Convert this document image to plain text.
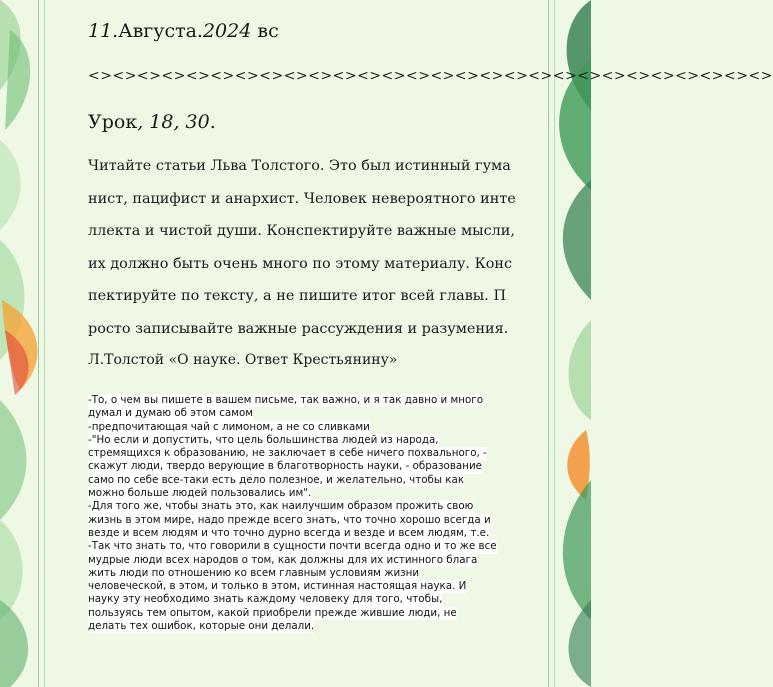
11.Августа.2024 вс
<><><><><><><><><><><><><><><><><><><><><><><><><><><><>
Урок, 18, 30.
Читайте статьи Льва Толстого. Это был истинный гума
нист, пацифист и анархист. Человек невероятного инте
ллекта и чистой души. Конспектируйте важные мысли,
их должно быть очень много по этому материалу. Конс
пектируйте по тексту, а не пишите итог всей главы. П
росто записывайте важные рассуждения и разумения.
Л.Толстой «О науке. Ответ Крестьянину»
-То, о чем вы пишете в вашем письме, так важно, и я так давно и много
думал и думаю об этом самом
-предпочитающая чай с лимоном, а не со сливками
-"Но если и допустить, что цель большинства людей из народа,
стремящихся к образованию, не заключает в себе ничего похвального, -
скажут люди, твердо верующие в благотворность науки, - образование
само по себе все-таки есть дело полезное, и желательно, чтобы как
можно больше людей пользовались им".
-Для того же, чтобы знать это, как наилучшим образом прожить свою
жизнь в этом мире, надо прежде всего знать, что точно хорошо всегда и
везде и всем людям и что точно дурно всегда и везде и всем людям, т.е.
-Так что знать то, что говорили в сущности почти всегда одно и то же все
мудрые люди всех народов о том, как должны для их истинного блага
жить люди по отношению ко всем главным условиям жизни
человеческой, в этом, и только в этом, истинная настоящая наука. И
науку эту необходимо знать каждому человеку для того, чтобы,
пользуясь тем опытом, какой приобрели прежде жившие люди, не
делать тех ошибок, которые они делали.
